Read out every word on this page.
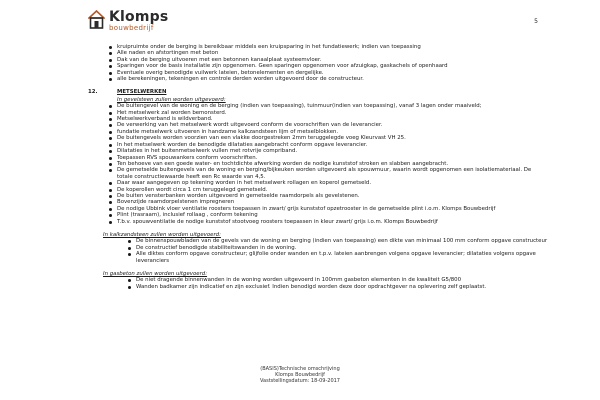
Klomps
bouwbedrijf
5
kruipruimte onder de berging is bereikbaar middels een kruipsparing in het fundatiewerk; indien van toepassing
Alle naden en afstortingen met beton
Dak van de berging uitvoeren met een betonnen kanaalplaat systeemvloer.
Sparingen voor de basis installatie zijn opgenomen. Geen sparingen opgenomen voor afzuigkap, gaskachels of openhaard
Eventuele overig benodigde vuilwerk lateien, betonelementen en dergelijke.
alle berekeningen, tekeningen en controle derden worden uitgevoerd door de constructeur.
12.	METSELWERKEN
In gevelsteen zullen worden uitgevoerd:
De buitengevel van de woning en de berging (indien van toepassing), tuinmuur(indien van toepassing), vanaf 3 lagen onder maaiveld;
Het metselwerk zal worden bemonsterd.
Metselwerkverband is wildverband.
De verwerking van het metselwerk wordt uitgevoerd conform de voorschriften van de leverancier.
fundatie metselwerk uitvoeren in handzame kalkzandsteen lijm of metselblokken.
De buitengevels worden voorzien van een vlakke doorgestreken 2mm teruggelegde voeg Kleurvast VH 25.
In het metselwerk worden de benodigde dilataties aangebracht conform opgave leverancier.
Dilataties in het buitenmetselwerk vullen met rotvrije compriband.
Toepassen RVS spouwankers conform voorschriften.
Ten behoeve van een goede water- en tochtdichte afwerking worden de nodige kunststof stroken en slabben aangebracht.
De gemetselde buitengevels van de woning en berging/bijkeuken worden uitgevoerd als spouwmuur, waarin wordt opgenomen een isolatiemateriaal. De totale constructiewaarde heeft een Rc waarde van 4,5.
Daar waar aangegeven op tekening worden in het metselwerk rollagen en koperol gemetseld.
De koperollen wordt circa 1 cm teruggelegd gemetseld.
De buiten vensterbanken worden uitgevoerd in gemetselde raamdorpels als gevelstenen.
Bovenzijde raamdorpelstenen impregneren
De nodige Ubbink vloer ventilatie roosters toepassen in zwart/ grijs kunststof opzetrooster in de gemetselde plint i.o.m. Klomps Bouwbedrijf
Plint (trasraam), inclusief rollaag , conform tekening
T.b.v. spouwventilatie de nodige kunststof stootvoeg roosters toepassen in kleur zwart/ grijs i.o.m. Klomps Bouwbedrijf
In kalkzandsteen zullen worden uitgevoerd:
De binnenspouwbladen van de gevels van de woning en berging (indien van toepassing) een dikte van minimaal 100 mm conform opgave constructeur
De constructief benodigde stabiliteitswanden in de woning.
Alle diktes conform opgave constructeur; glijfolie onder wanden en t.p.v. lateien aanbrengen volgens opgave leverancier; dilataties volgens opgave leveranciers
In gasbeton zullen worden uitgevoerd:
De niet dragende binnenwanden in de woning worden uitgevoerd in 100mm gasbeton elementen in de kwaliteit G5/800
Wanden badkamer zijn indicatief en zijn exclusief. Indien benodigd worden deze door opdrachtgever na oplevering zelf geplaatst.
(BASIS)Technische omschrijving
Klomps Bouwbedrijf
Vaststellingsdatum: 18-09-2017
